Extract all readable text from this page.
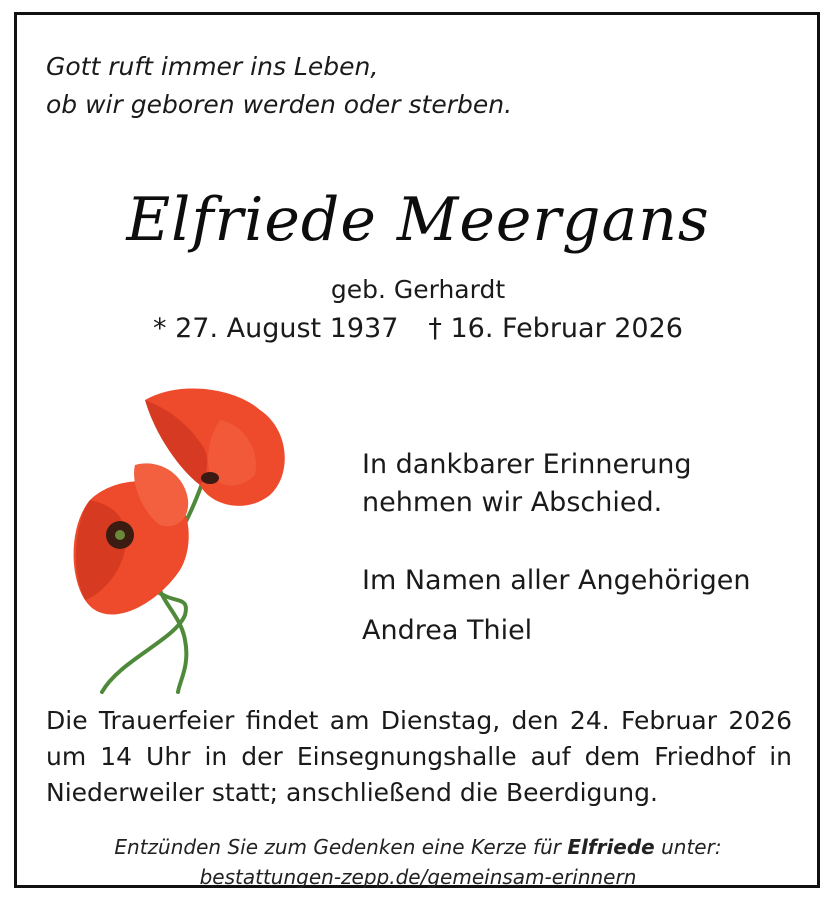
Gott ruft immer ins Leben,
ob wir geboren werden oder sterben.
Elfriede Meergans
geb. Gerhardt
* 27. August 1937 † 16. Februar 2026
In dankbarer Erinnerung
nehmen wir Abschied.
Im Namen aller Angehörigen
Andrea Thiel
Die Trauerfeier findet am Dienstag, den 24. Februar 2026
um 14 Uhr in der Einsegnungshalle auf dem Friedhof in
Niederweiler statt; anschließend die Beerdigung.
Entzünden Sie zum Gedenken eine Kerze für Elfriede unter:
bestattungen-zepp.de/gemeinsam-erinnern
